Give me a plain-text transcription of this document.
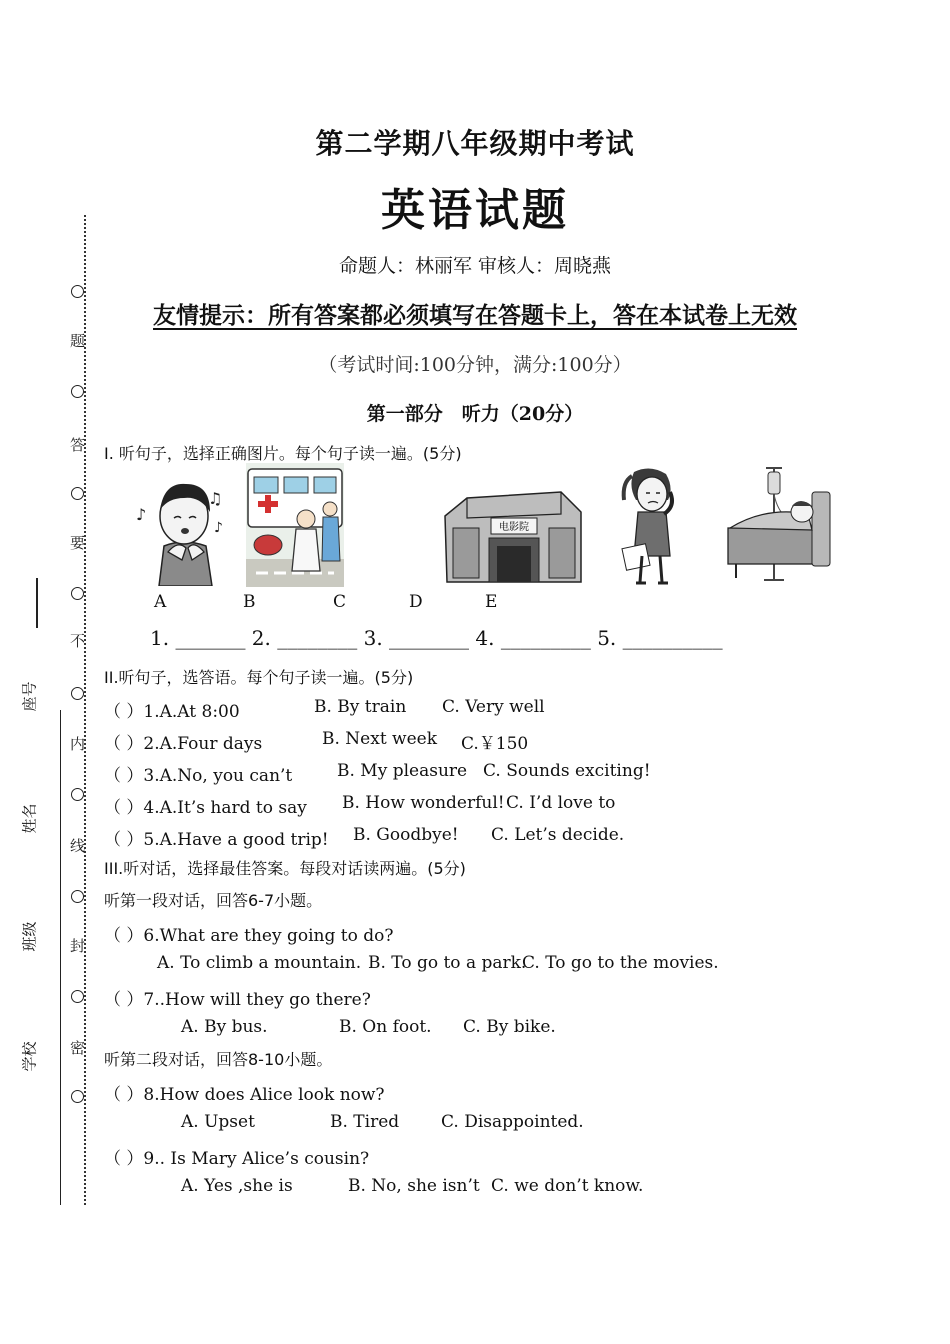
题
答
要
不
内
线
封
密
座号
姓名
班级
学校
第二学期八年级期中考试
英语试题
命题人：林丽军 审核人：周晓燕
友情提示：所有答案都必须填写在答题卡上，答在本试卷上无效
（考试时间:100分钟，满分:100分）
第一部分　听力（20分）
Ⅰ. 听句子，选择正确图片。每个句子读一遍。(5分)
♪
♫
♪	电影院
A	B	C	D	E
1. _______ 2. ________ 3. ________ 4. _________ 5. __________
II.听句子，选答语。每个句子读一遍。(5分)
（ ）1.A.At 8:00	B. By train C. Very well
（ ）2.A.Four days	B. Next week C.￥150
（ ）3.A.No, you can’t	B. My pleasure C. Sounds exciting!
（ ）4.A.It’s hard to say B. How wonderful! C. I’d love to
（ ）5.A.Have a good trip! B. Goodbye! C. Let’s decide.
III.听对话，选择最佳答案。每段对话读两遍。(5分)
听第一段对话，回答6-7小题。
（ ）6.What are they going to do?
A. To climb a mountain. B. To go to a park.
C. To go to the movies.
（ ）7..How will they go there?
A. By bus.	B. On foot. C. By bike.
听第二段对话，回答8-10小题。
（ ）8.How does Alice look now?
A. Upset	B. Tired C. Disappointed.
（ ）9.. Is Mary Alice’s cousin?
A. Yes ,she is	B. No, she isn’t C. we don’t know.
